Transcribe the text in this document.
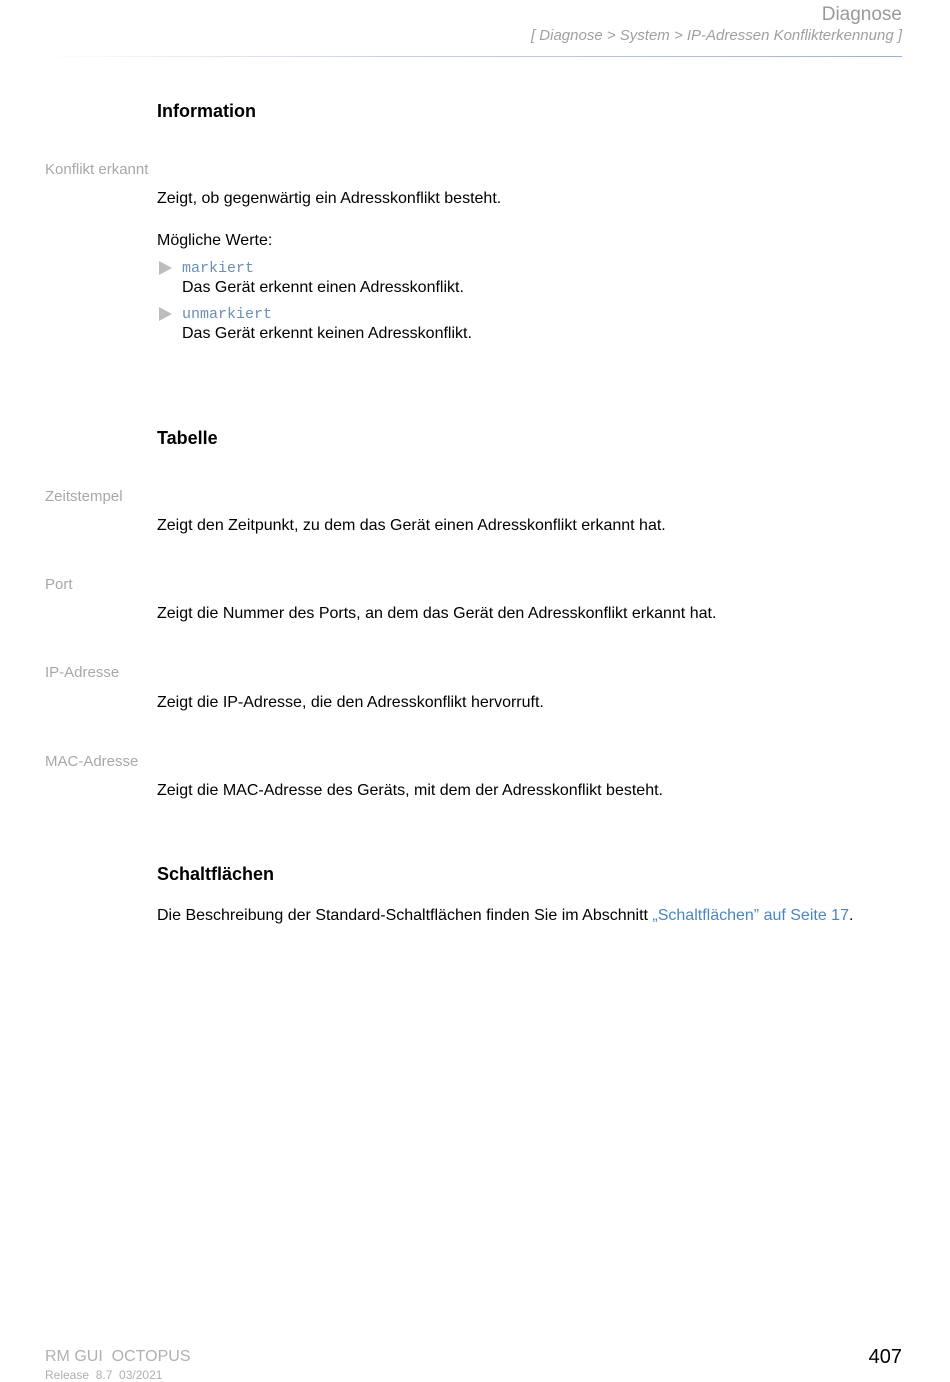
Diagnose
[ Diagnose > System > IP-Adressen Konflikterkennung ]
Information
Konflikt erkannt
Zeigt, ob gegenwärtig ein Adresskonflikt besteht.
Mögliche Werte:
markiert
Das Gerät erkennt einen Adresskonflikt.
unmarkiert
Das Gerät erkennt keinen Adresskonflikt.
Tabelle
Zeitstempel
Zeigt den Zeitpunkt, zu dem das Gerät einen Adresskonflikt erkannt hat.
Port
Zeigt die Nummer des Ports, an dem das Gerät den Adresskonflikt erkannt hat.
IP-Adresse
Zeigt die IP-Adresse, die den Adresskonflikt hervorruft.
MAC-Adresse
Zeigt die MAC-Adresse des Geräts, mit dem der Adresskonflikt besteht.
Schaltflächen
Die Beschreibung der Standard-Schaltflächen finden Sie im Abschnitt „Schaltflächen” auf Seite 17.
RM GUI  OCTOPUS
Release  8.7  03/2021
407
